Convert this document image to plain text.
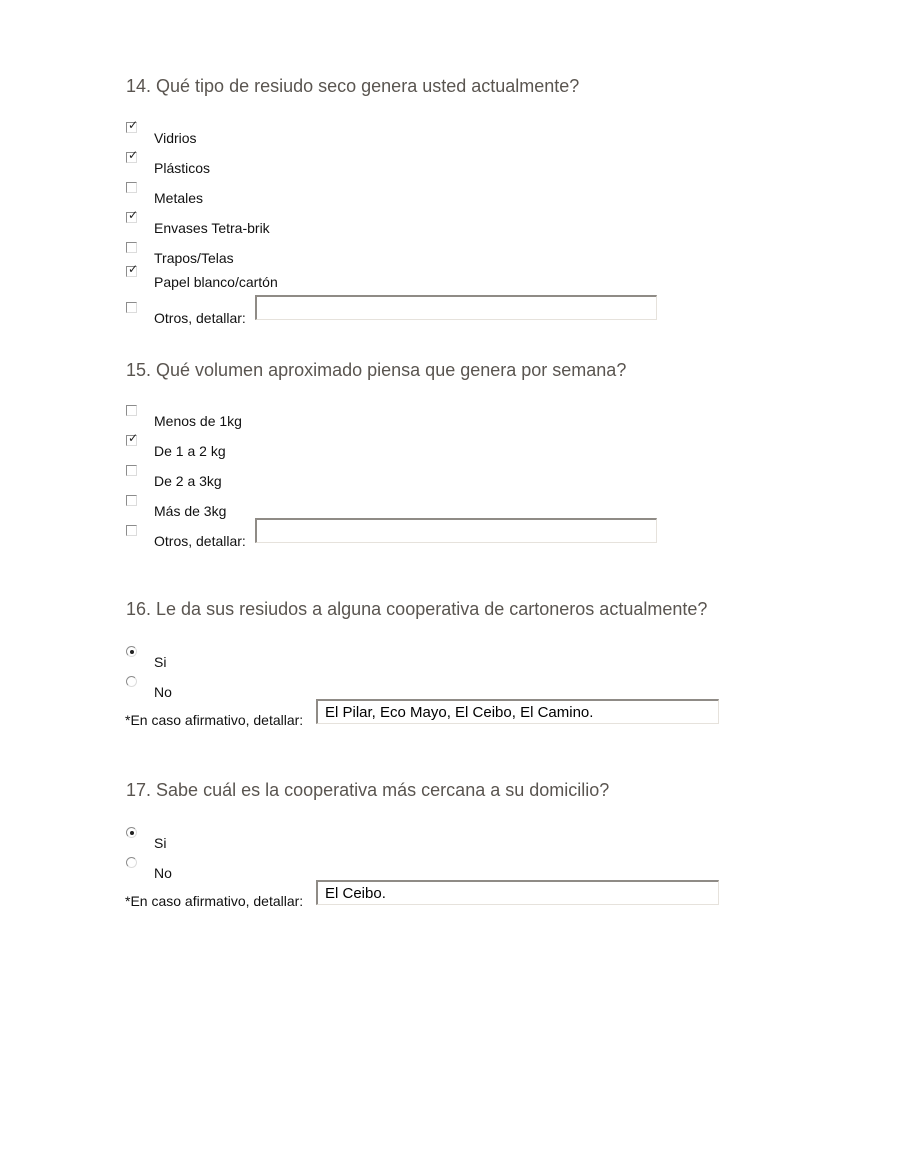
14. Qué tipo de resiudo seco genera usted actualmente?
✓
Vidrios
✓
Plásticos
Metales
✓
Envases Tetra-brik
Trapos/Telas
✓
Papel blanco/cartón
Otros, detallar:
15. Qué volumen aproximado piensa que genera por semana?
Menos de 1kg
✓
De 1 a 2 kg
De 2 a 3kg
Más de 3kg
Otros, detallar:
16. Le da sus resiudos a alguna cooperativa de cartoneros actualmente?
Si
No
*En caso afirmativo, detallar:	El Pilar, Eco Mayo, El Ceibo, El Camino.
17. Sabe cuál es la cooperativa más cercana a su domicilio?
Si
No
*En caso afirmativo, detallar:	El Ceibo.
